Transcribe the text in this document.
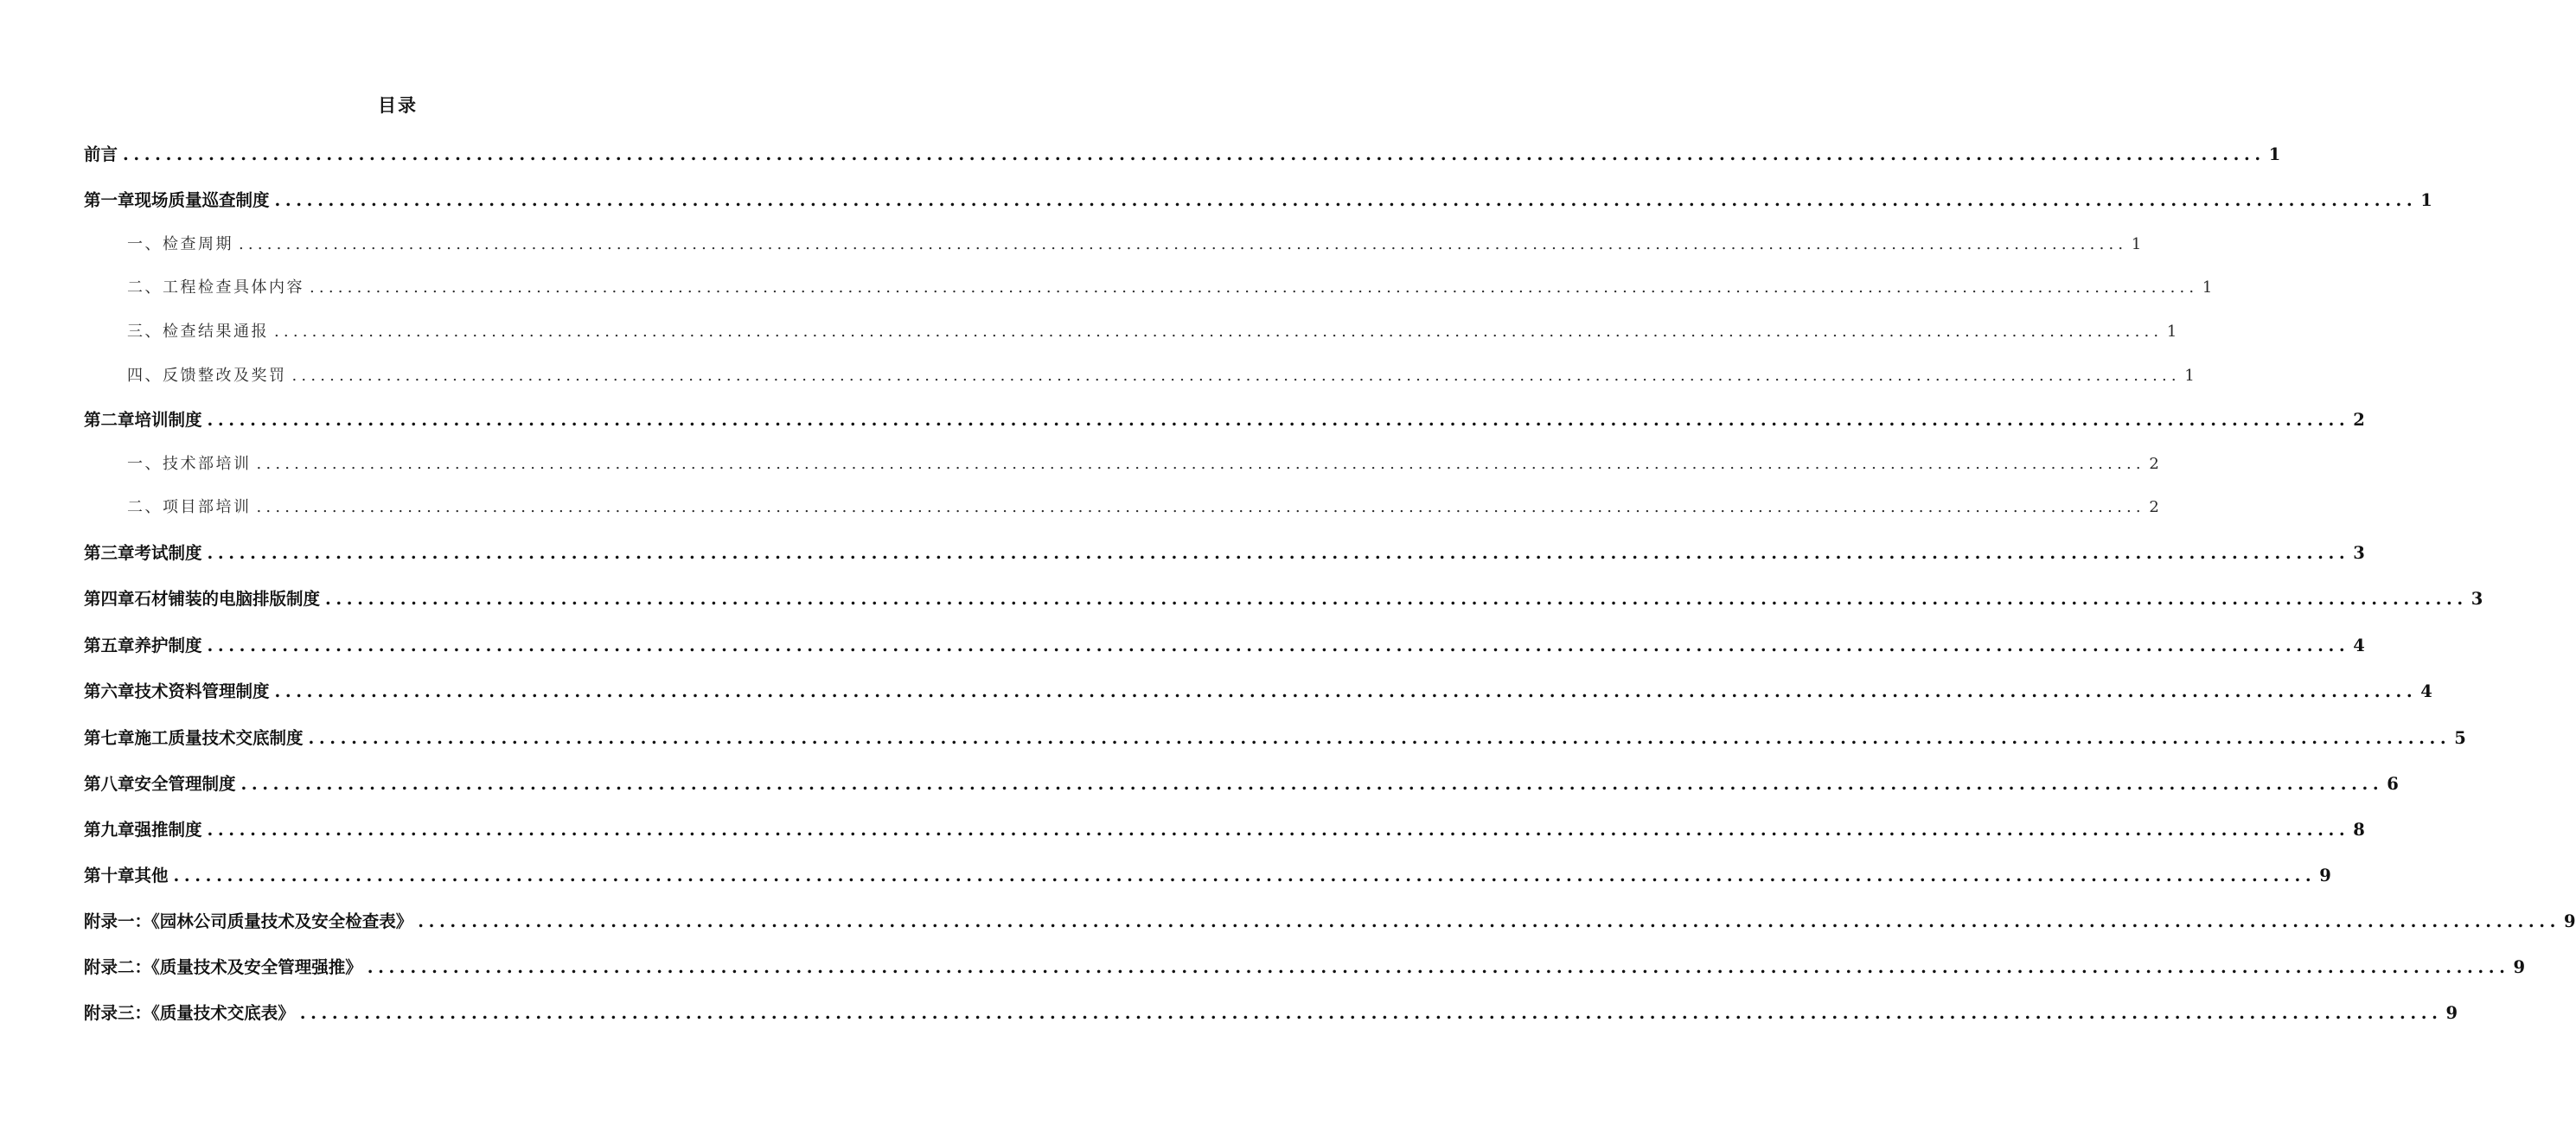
目录
前言 ........................................................................................................................................................................................................ 1
第一章现场质量巡查制度 ........................................................................................................................................................................................................ 1
一、检查周期 ........................................................................................................................................................................................................ 1
二、工程检查具体内容 ........................................................................................................................................................................................................ 1
三、检查结果通报 ........................................................................................................................................................................................................ 1
四、反馈整改及奖罚 ........................................................................................................................................................................................................ 1
第二章培训制度 ........................................................................................................................................................................................................ 2
一、技术部培训 ........................................................................................................................................................................................................ 2
二、项目部培训 ........................................................................................................................................................................................................ 2
第三章考试制度 ........................................................................................................................................................................................................ 3
第四章石材铺装的电脑排版制度 ........................................................................................................................................................................................................ 3
第五章养护制度 ........................................................................................................................................................................................................ 4
第六章技术资料管理制度 ........................................................................................................................................................................................................ 4
第七章施工质量技术交底制度 ........................................................................................................................................................................................................ 5
第八章安全管理制度 ........................................................................................................................................................................................................ 6
第九章强推制度 ........................................................................................................................................................................................................ 8
第十章其他 ........................................................................................................................................................................................................ 9
附录一：《园林公司质量技术及安全检查表》 ........................................................................................................................................................................................................ 9
附录二：《质量技术及安全管理强推》 ........................................................................................................................................................................................................ 9
附录三：《质量技术交底表》 ........................................................................................................................................................................................................ 9
